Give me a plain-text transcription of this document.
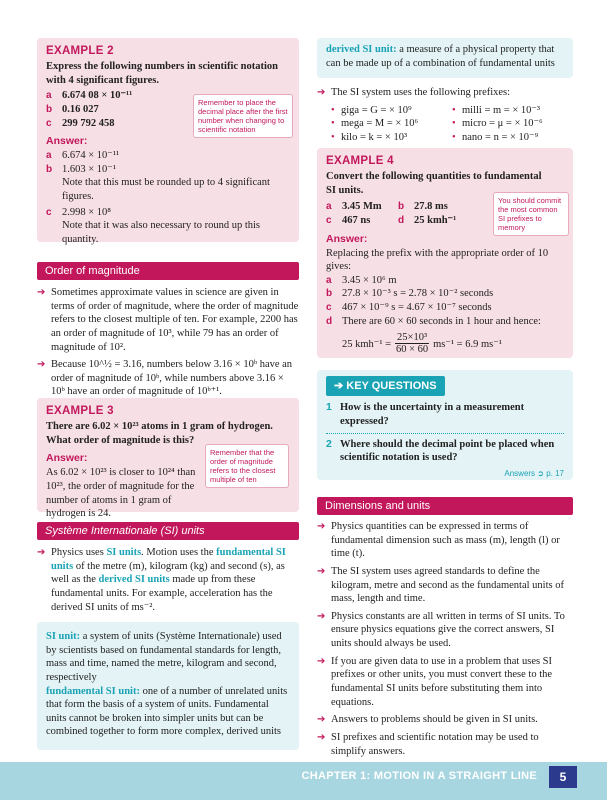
EXAMPLE 2
Express the following numbers in scientific notation with 4 significant figures.
a 6.674 08 × 10⁻¹¹
b 0.16 027
c 299 792 458
Remember to place the decimal place after the first number when changing to scientific notation
Answer:
a 6.674 × 10⁻¹¹
b 1.603 × 10⁻¹
Note that this must be rounded up to 4 significant figures.
c 2.998 × 10⁸
Note that it was also necessary to round up this quantity.
Order of magnitude
➔ Sometimes approximate values in science are given in terms of order of magnitude, where the order of magnitude refers to the closest multiple of ten. For example, 2200 has an order of magnitude of 10³, while 79 has an order of magnitude of 10².
➔ Because 10^½ = 3.16, numbers below 3.16 × 10ᵇ have an order of magnitude of 10ᵇ, while numbers above 3.16 × 10ᵇ have an order of magnitude of 10ᵇ⁺¹.
EXAMPLE 3
There are 6.02 × 10²³ atoms in 1 gram of hydrogen. What order of magnitude is this?
Answer:
As 6.02 × 10²³ is closer to 10²⁴ than 10²³, the order of magnitude for the number of atoms in 1 gram of hydrogen is 24.
Remember that the order of magnitude refers to the closest multiple of ten
Système Internationale (SI) units
➔ Physics uses SI units. Motion uses the fundamental SI units of the metre (m), kilogram (kg) and second (s), as well as the derived SI units made up from these fundamental units. For example, acceleration has the derived SI units of ms⁻².
SI unit: a system of units (Système Internationale) used by scientists based on fundamental standards for length, mass and time, named the metre, kilogram and second, respectively
fundamental SI unit: one of a number of unrelated units that form the basis of a system of units. Fundamental units cannot be broken into simpler units but can be combined together to form more complex, derived units
derived SI unit: a measure of a physical property that can be made up of a combination of fundamental units
➔ The SI system uses the following prefixes:
• giga = G = × 10⁹	• milli = m = × 10⁻³
• mega = M = × 10⁶	• micro = μ = × 10⁻⁶
• kilo = k = × 10³	• nano = n = × 10⁻⁹
EXAMPLE 4
Convert the following quantities to fundamental SI units.
a 3.45 Mm b 27.8 ms
c 467 ns	d 25 kmh⁻¹
You should commit the most common SI prefixes to memory
Answer:
Replacing the prefix with the appropriate order of 10 gives:
a 3.45 × 10⁶ m
b 27.8 × 10⁻³ s = 2.78 × 10⁻² seconds
c 467 × 10⁻⁹ s = 4.67 × 10⁻⁷ seconds
d There are 60 × 60 seconds in 1 hour and hence:
25 $kmh^{-1} = \frac{\text{25×10³}}{60 \times 60} ms^{-1} = 6.9$ ms⁻¹
➔ KEY QUESTIONS
1 How is the uncertainty in a measurement expressed?
2 Where should the decimal point be placed when scientific notation is used?
Answers ➲ p. 17
Dimensions and units
➔ Physics quantities can be expressed in terms of fundamental dimension such as mass (m), length (l) or time (t).
➔ The SI system uses agreed standards to define the kilogram, metre and second as the fundamental units of mass, length and time.
➔ Physics constants are all written in terms of SI units. To ensure physics equations give the correct answers, SI units should always be used.
➔ If you are given data to use in a problem that uses SI prefixes or other units, you must convert these to the fundamental SI units before substituting them into equations.
➔ Answers to problems should be given in SI units.
➔ SI prefixes and scientific notation may be used to simplify answers.
CHAPTER 1: MOTION IN A STRAIGHT LINE	5
